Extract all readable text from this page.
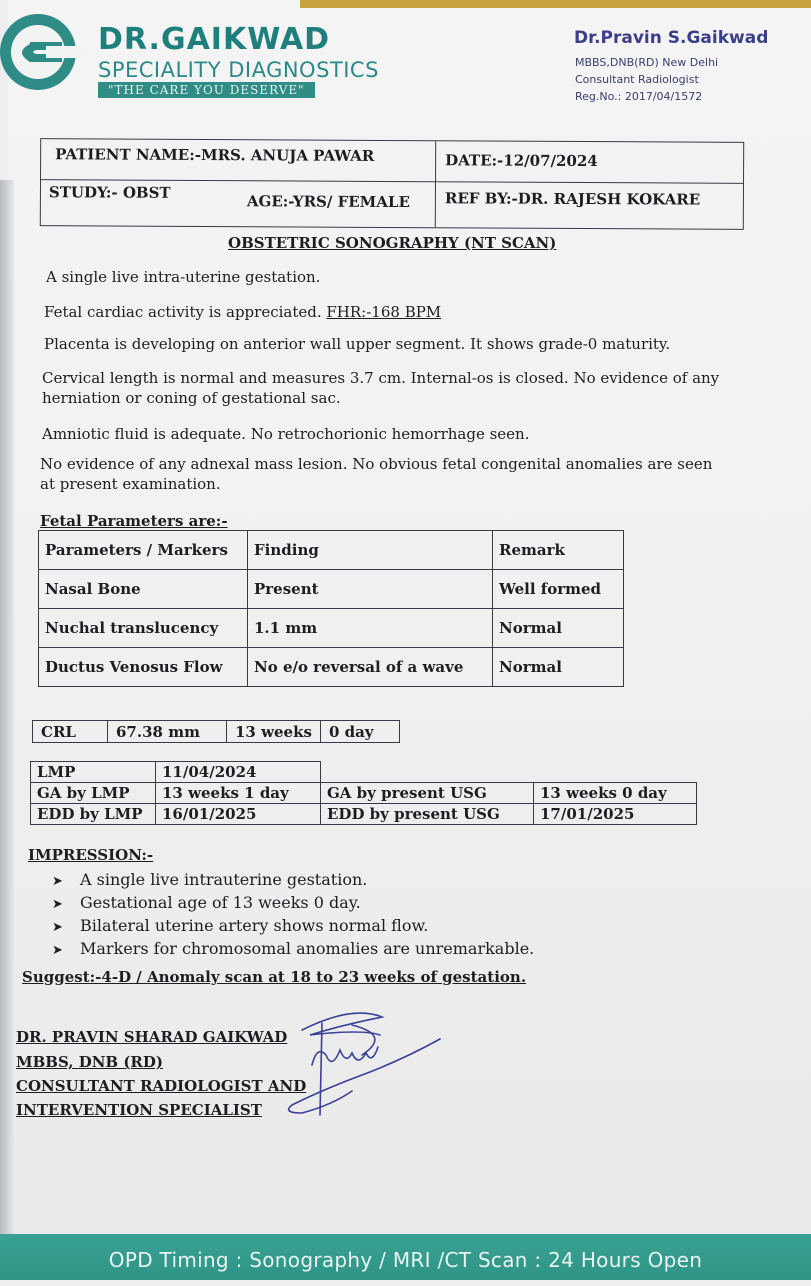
DR.GAIKWAD
SPECIALITY DIAGNOSTICS
"THE CARE YOU DESERVE"
Dr.Pravin S.Gaikwad
MBBS,DNB(RD) New Delhi
Consultant Radiologist
Reg.No.: 2017/04/1572
PATIENT NAME:-MRS. ANUJA PAWAR	DATE:-12/07/2024
STUDY:- OBST	AGE:-YRS/ FEMALE REF BY:-DR. RAJESH KOKARE
OBSTETRIC SONOGRAPHY (NT SCAN)
A single live intra-uterine gestation.
Fetal cardiac activity is appreciated. FHR:-168 BPM
Placenta is developing on anterior wall upper segment. It shows grade-0 maturity.
Cervical length is normal and measures 3.7 cm. Internal-os is closed. No evidence of any herniation or coning of gestational sac.
Amniotic fluid is adequate. No retrochorionic hemorrhage seen.
No evidence of any adnexal mass lesion. No obvious fetal congenital anomalies are seen at present examination.
Fetal Parameters are:-
Parameters / Markers	Finding	Remark
Nasal Bone	Present	Well formed
Nuchal translucency	1.1 mm	Normal
Ductus Venosus Flow	No e/o reversal of a wave	Normal
CRL	67.38 mm	13 weeks	0 day
LMP	11/04/2024		
GA by LMP	13 weeks 1 day	GA by present USG	13 weeks 0 day
EDD by LMP	16/01/2025	EDD by present USG	17/01/2025
IMPRESSION:-
➤ A single live intrauterine gestation.
➤ Gestational age of 13 weeks 0 day.
➤ Bilateral uterine artery shows normal flow.
➤ Markers for chromosomal anomalies are unremarkable.
Suggest:-4-D / Anomaly scan at 18 to 23 weeks of gestation.
DR. PRAVIN SHARAD GAIKWAD
MBBS, DNB (RD)
CONSULTANT RADIOLOGIST AND
INTERVENTION SPECIALIST
OPD Timing : Sonography / MRI /CT Scan : 24 Hours Open
